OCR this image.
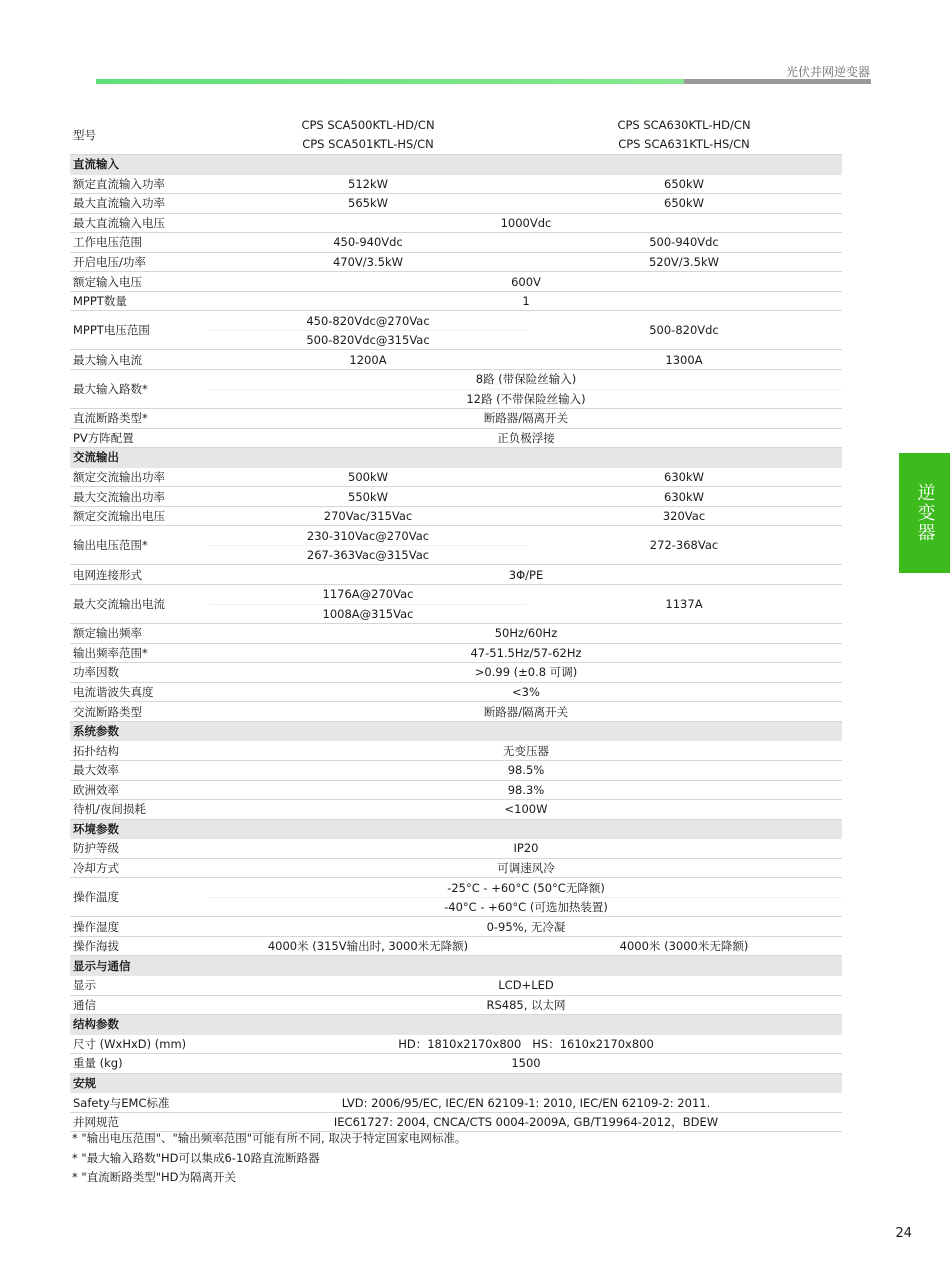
光伏并网逆变器
逆变器
型号	CPS SCA500KTL-HD/CN	CPS SCA630KTL-HD/CN
	CPS SCA501KTL-HS/CN	CPS SCA631KTL-HS/CN
直流输入		
额定直流输入功率	512kW	650kW
最大直流输入功率	565kW	650kW
最大直流输入电压	1000Vdc	
工作电压范围	450-940Vdc	500-940Vdc
开启电压/功率	470V/3.5kW	520V/3.5kW
额定输入电压	600V	
MPPT数量	1	
MPPT电压范围	450-820Vdc@270Vac	500-820Vdc
	500-820Vdc@315Vac	
最大输入电流	1200A	1300A
最大输入路数*	8路 (带保险丝输入)	
	12路 (不带保险丝输入)	
直流断路类型*	断路器/隔离开关	
PV方阵配置	正负极浮接	
交流输出		
额定交流输出功率	500kW	630kW
最大交流输出功率	550kW	630kW
额定交流输出电压	270Vac/315Vac	320Vac
输出电压范围*	230-310Vac@270Vac	272-368Vac
	267-363Vac@315Vac	
电网连接形式	3Φ/PE	
最大交流输出电流	1176A@270Vac	1137A
	1008A@315Vac	
额定输出频率	50Hz/60Hz	
输出频率范围*	47-51.5Hz/57-62Hz	
功率因数	>0.99 (±0.8 可调)	
电流谐波失真度	<3%	
交流断路类型	断路器/隔离开关	
系统参数		
拓扑结构	无变压器	
最大效率	98.5%	
欧洲效率	98.3%	
待机/夜间损耗	<100W	
环境参数		
防护等级	IP20	
冷却方式	可调速风冷	
操作温度	-25°C - +60°C (50°C无降额)	
	-40°C - +60°C (可选加热装置)	
操作湿度	0-95%, 无冷凝	
操作海拔	4000米 (315V输出时, 3000米无降额)	4000米 (3000米无降额)
显示与通信		
显示	LCD+LED	
通信	RS485, 以太网	
结构参数		
尺寸 (WxHxD) (mm)	HD：1810x2170x800   HS：1610x2170x800	
重量 (kg)	1500	
安规		
Safety与EMC标准	LVD: 2006/95/EC, IEC/EN 62109-1: 2010, IEC/EN 62109-2: 2011.	
并网规范	IEC61727: 2004, CNCA/CTS 0004-2009A, GB/T19964-2012，BDEW	
* "输出电压范围"、"输出频率范围"可能有所不同, 取决于特定国家电网标准。
* "最大输入路数"HD可以集成6-10路直流断路器
* "直流断路类型"HD为隔离开关
24
